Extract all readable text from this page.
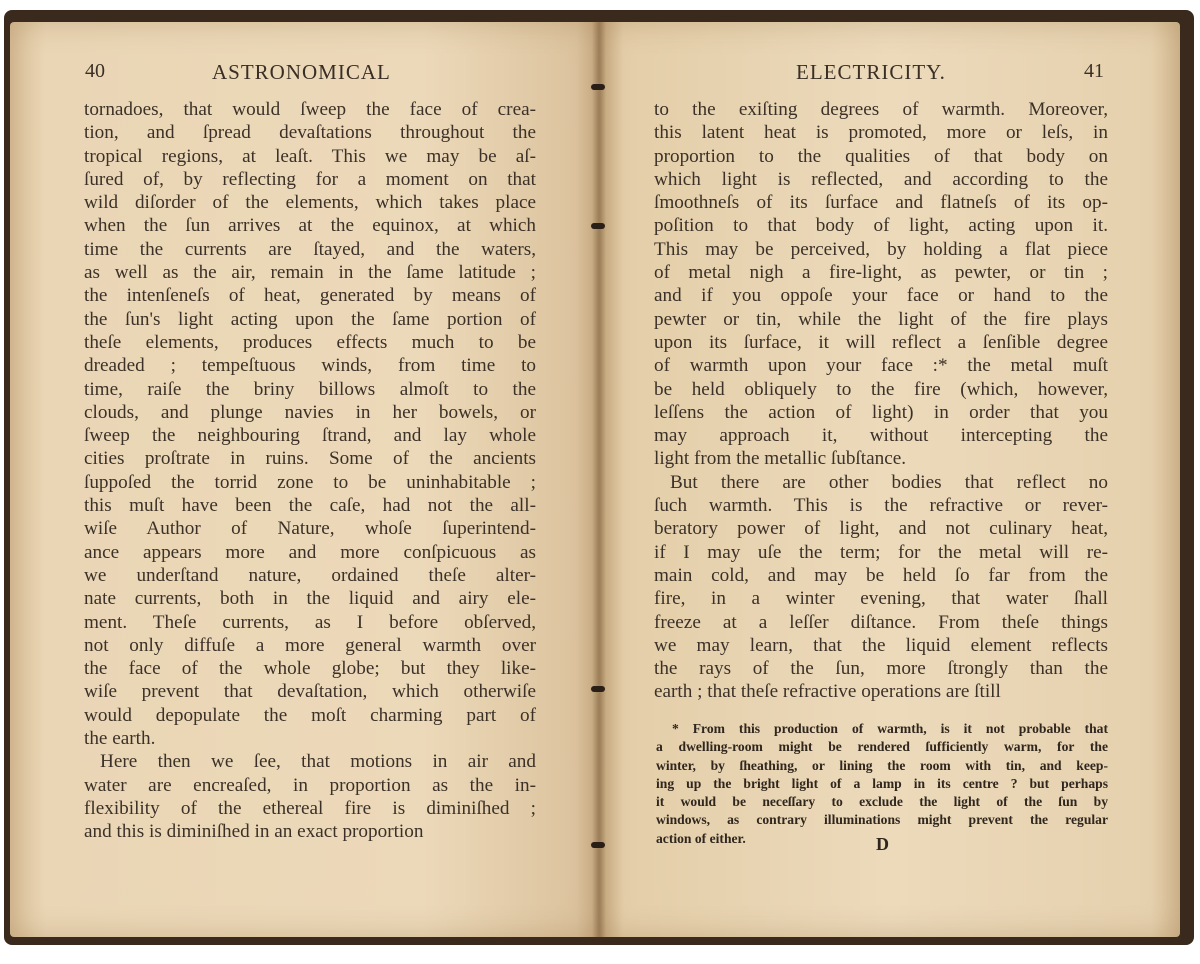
40	ASTRONOMICAL
tornadoes, that would ſweep the face of crea-
tion, and ſpread devaſtations throughout the
tropical regions, at leaſt. This we may be aſ-
ſured of, by reflecting for a moment on that
wild diſorder of the elements, which takes place
when the ſun arrives at the equinox, at which
time the currents are ſtayed, and the waters,
as well as the air, remain in the ſame latitude ;
the intenſeneſs of heat, generated by means of
the ſun's light acting upon the ſame portion of
theſe elements, produces effects much to be
dreaded ; tempeſtuous winds, from time to
time, raiſe the briny billows almoſt to the
clouds, and plunge navies in her bowels, or
ſweep the neighbouring ſtrand, and lay whole
cities proſtrate in ruins. Some of the ancients
ſuppoſed the torrid zone to be uninhabitable ;
this muſt have been the caſe, had not the all-
wiſe Author of Nature, whoſe ſuperintend-
ance appears more and more conſpicuous as
we underſtand nature, ordained theſe alter-
nate currents, both in the liquid and airy ele-
ment. Theſe currents, as I before obſerved,
not only diffuſe a more general warmth over
the face of the whole globe; but they like-
wiſe prevent that devaſtation, which otherwiſe
would depopulate the moſt charming part of
the earth.
Here then we ſee, that motions in air and
water are encreaſed, in proportion as the in-
flexibility of the ethereal fire is diminiſhed ;
and this is diminiſhed in an exact proportion
ELECTRICITY.	41
to the exiſting degrees of warmth. Moreover,
this latent heat is promoted, more or leſs, in
proportion to the qualities of that body on
which light is reflected, and according to the
ſmoothneſs of its ſurface and flatneſs of its op-
poſition to that body of light, acting upon it.
This may be perceived, by holding a flat piece
of metal nigh a fire-light, as pewter, or tin ;
and if you oppoſe your face or hand to the
pewter or tin, while the light of the fire plays
upon its ſurface, it will reflect a ſenſible degree
of warmth upon your face :* the metal muſt
be held obliquely to the fire (which, however,
leſſens the action of light) in order that you
may approach it, without intercepting the
light from the metallic ſubſtance.
But there are other bodies that reflect no
ſuch warmth. This is the refractive or rever-
beratory power of light, and not culinary heat,
if I may uſe the term; for the metal will re-
main cold, and may be held ſo far from the
fire, in a winter evening, that water ſhall
freeze at a leſſer diſtance. From theſe things
we may learn, that the liquid element reflects
the rays of the ſun, more ſtrongly than the
earth ; that theſe refractive operations are ſtill
* From this production of warmth, is it not probable that
a dwelling-room might be rendered ſufficiently warm, for the
winter, by ſheathing, or lining the room with tin, and keep-
ing up the bright light of a lamp in its centre ? but perhaps
it would be neceſſary to exclude the light of the ſun by
windows, as contrary illuminations might prevent the regular
action of either.	D
